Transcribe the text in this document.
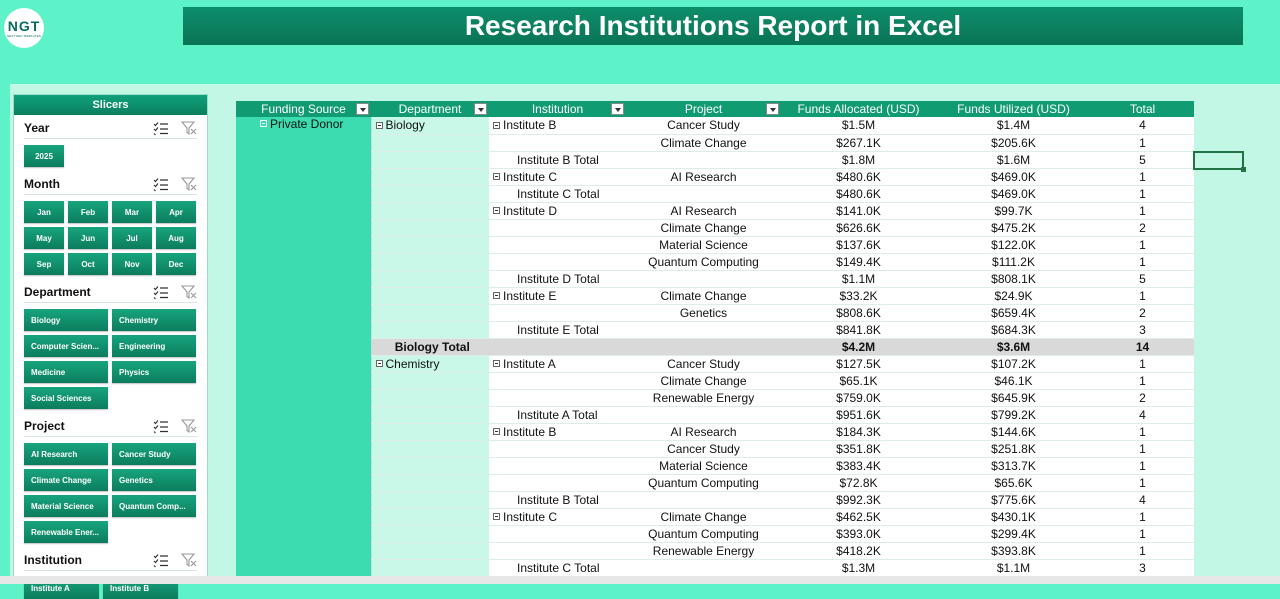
NGT
NEXT GEN TEMPLATES	Research Institutions Report in Excel
Slicers
Year
2025
Month
Jan	Feb	Mar	Apr
May	Jun	Jul	Aug
Sep	Oct	Nov	Dec
Department
Biology	Chemistry
Computer Scien...	Engineering
Medicine	Physics
Social Sciences
Project
AI Research	Cancer Study
Climate Change	Genetics
Material Science	Quantum Comp...
Renewable Ener...
Institution
Institute A	Institute B
Funding Source	Department	Institution	Project	Funds Allocated (USD)	Funds Utilized (USD)	Total
Private Donor	Biology	Institute B	Cancer Study	$1.5M	$1.4M	4
			Climate Change	$267.1K	$205.6K	1
		Institute B Total		$1.8M	$1.6M	5
		Institute C	AI Research	$480.6K	$469.0K	1
		Institute C Total		$480.6K	$469.0K	1
		Institute D	AI Research	$141.0K	$99.7K	1
			Climate Change	$626.6K	$475.2K	2
			Material Science	$137.6K	$122.0K	1
			Quantum Computing	$149.4K	$111.2K	1
		Institute D Total		$1.1M	$808.1K	5
		Institute E	Climate Change	$33.2K	$24.9K	1
			Genetics	$808.6K	$659.4K	2
		Institute E Total		$841.8K	$684.3K	3
	Biology Total			$4.2M	$3.6M	14
	Chemistry	Institute A	Cancer Study	$127.5K	$107.2K	1
			Climate Change	$65.1K	$46.1K	1
			Renewable Energy	$759.0K	$645.9K	2
		Institute A Total		$951.6K	$799.2K	4
		Institute B	AI Research	$184.3K	$144.6K	1
			Cancer Study	$351.8K	$251.8K	1
			Material Science	$383.4K	$313.7K	1
			Quantum Computing	$72.8K	$65.6K	1
		Institute B Total		$992.3K	$775.6K	4
		Institute C	Climate Change	$462.5K	$430.1K	1
			Quantum Computing	$393.0K	$299.4K	1
			Renewable Energy	$418.2K	$393.8K	1
		Institute C Total		$1.3M	$1.1M	3
